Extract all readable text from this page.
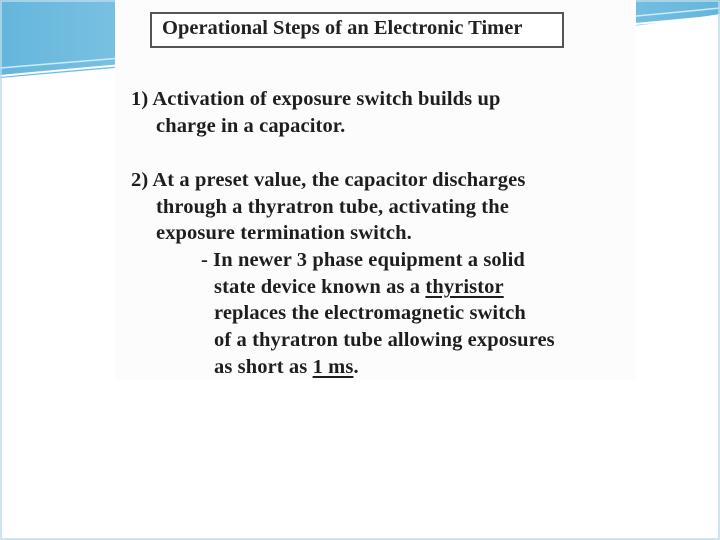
Operational Steps of an Electronic Timer
1) Activation of exposure switch builds up
charge in a capacitor.
2) At a preset value, the capacitor discharges
through a thyratron tube, activating the
exposure termination switch.
- In newer 3 phase equipment a solid
state device known as a thyristor
replaces the electromagnetic switch
of a thyratron tube allowing exposures
as short as 1 ms.
